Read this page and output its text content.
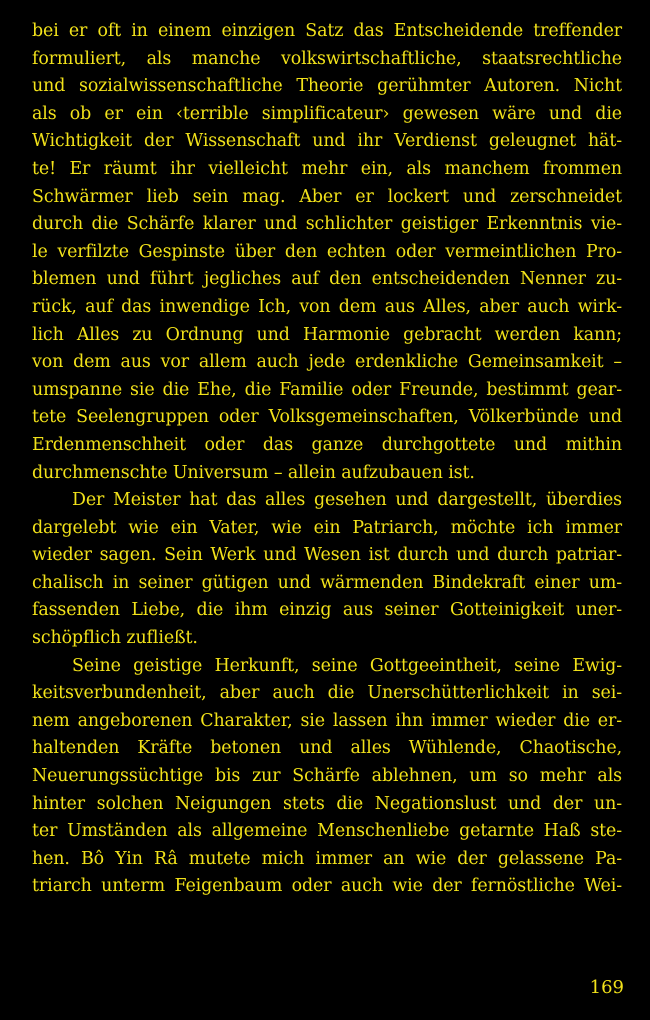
bei er oft in einem einzigen Satz das Entscheidende treffender
formuliert, als manche volkswirtschaftliche, staatsrechtliche
und sozialwissenschaftliche Theorie gerühmter Autoren. Nicht
als ob er ein ‹terrible simplificateur› gewesen wäre und die
Wichtigkeit der Wissenschaft und ihr Verdienst geleugnet hät-
te! Er räumt ihr vielleicht mehr ein, als manchem frommen
Schwärmer lieb sein mag. Aber er lockert und zerschneidet
durch die Schärfe klarer und schlichter geistiger Erkenntnis vie-
le verfilzte Gespinste über den echten oder vermeintlichen Pro-
blemen und führt jegliches auf den entscheidenden Nenner zu-
rück, auf das inwendige Ich, von dem aus Alles, aber auch wirk-
lich Alles zu Ordnung und Harmonie gebracht werden kann;
von dem aus vor allem auch jede erdenkliche Gemeinsamkeit –
umspanne sie die Ehe, die Familie oder Freunde, bestimmt gear-
tete Seelengruppen oder Volksgemeinschaften, Völkerbünde und
Erdenmenschheit oder das ganze durchgottete und mithin
durchmenschte Universum – allein aufzubauen ist.
Der Meister hat das alles gesehen und dargestellt, überdies
dargelebt wie ein Vater, wie ein Patriarch, möchte ich immer
wieder sagen. Sein Werk und Wesen ist durch und durch patriar-
chalisch in seiner gütigen und wärmenden Bindekraft einer um-
fassenden Liebe, die ihm einzig aus seiner Gotteinigkeit uner-
schöpflich zufließt.
Seine geistige Herkunft, seine Gottgeeintheit, seine Ewig-
keitsverbundenheit, aber auch die Unerschütterlichkeit in sei-
nem angeborenen Charakter, sie lassen ihn immer wieder die er-
haltenden Kräfte betonen und alles Wühlende, Chaotische,
Neuerungssüchtige bis zur Schärfe ablehnen, um so mehr als
hinter solchen Neigungen stets die Negationslust und der un-
ter Umständen als allgemeine Menschenliebe getarnte Haß ste-
hen. Bô Yin Râ mutete mich immer an wie der gelassene Pa-
triarch unterm Feigenbaum oder auch wie der fernöstliche Wei-
169
